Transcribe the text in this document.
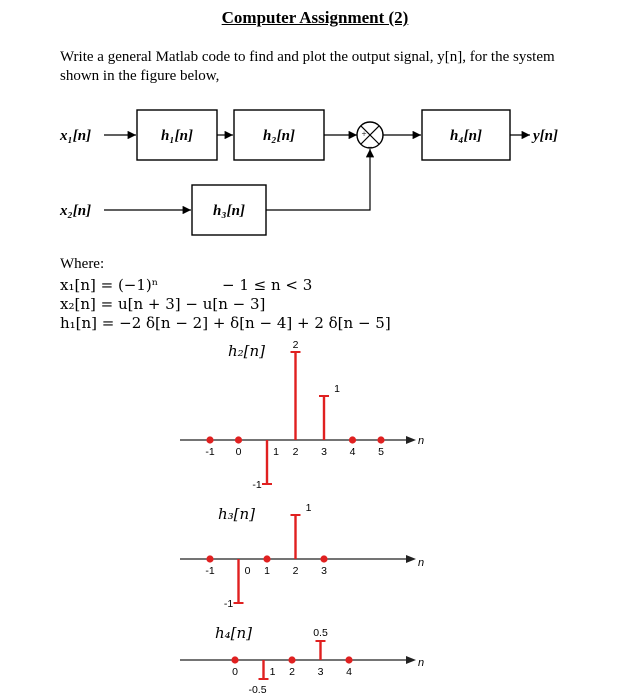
Computer Assignment (2)
Write a general Matlab code to find and plot the output signal, y[n], for the system shown in the figure below,
x₁[n]	h₁[n]	h₂[n]	+
−
h₄[n]	y[n]
x₂[n]	h₃[n]
Where:
x₁[n] = (−1)ⁿ	− 1 ≤ n < 3
x₂[n] = u[n + 3] − u[n − 3]
h₁[n] = −2 δ[n − 2] + δ[n − 4] + 2 δ[n − 5]
h₂[n]
n
-1 0	1
-1
2
2
3
1
4 5
h₃[n]
n
-1	0
-1
1 2
1
3
h₄[n]
n
0	1
-0.5
2 3
0.5
4
